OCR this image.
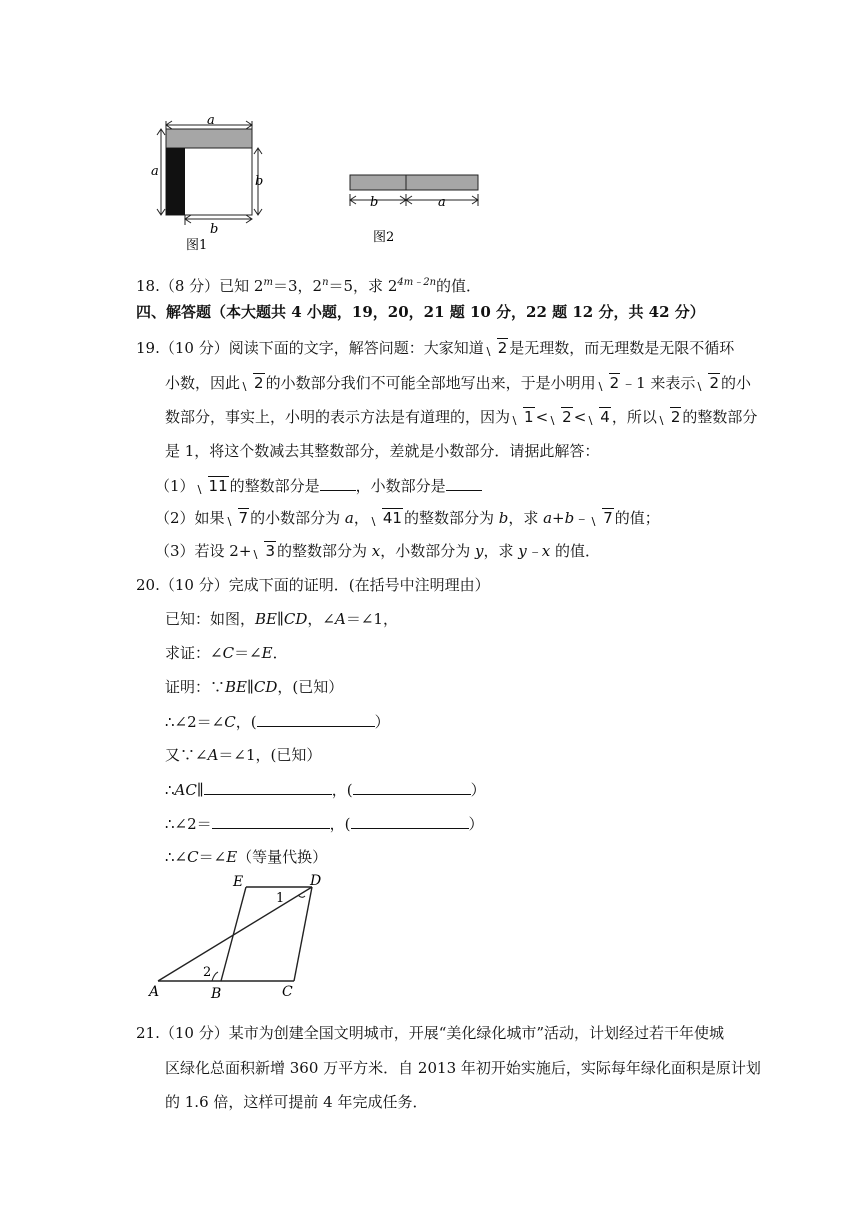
a
a
b
b
图1
b	a
图2
18.（8 分）已知 $2^m=3$，$2^n=5$，求 $2^{4m﹣2n}$的值．
四、解答题（本大题共 4 小题，19，20，21 题 10 分，22 题 12 分，共 42 分）
19.（10 分）阅读下面的文字，解答问题：大家知道 2 是无理数，而无理数是无限不循环
小数，因此 2 的小数部分我们不可能全部地写出来，于是小明用 2 ﹣1 来表示 2 的小
数部分，事实上，小明的表示方法是有道理的，因为 1 < 2 < 4 ，所以 2 的整数部分
是 1，将这个数减去其整数部分，差就是小数部分．请据此解答：
（1） 11 的整数部分是 ，小数部分是
（2）如果 7 的小数部分为 a， 41 的整数部分为 b，求 a+b﹣ 7 的值；
（3）若设 2+ 3 的整数部分为 x，小数部分为 y，求 y﹣x 的值．
20.（10 分）完成下面的证明．(在括号中注明理由）
已知：如图，BE∥CD，∠A＝∠1，
求证：∠C＝∠E．
证明：∵BE∥CD，(已知）
∴∠2＝∠C，(	）
又∵∠A＝∠1，(已知）
∴AC∥	，(	）
∴∠2＝	，(	）
∴∠C＝∠E（等量代换）
E	D
A	B	C
1
2
21.（10 分）某市为创建全国文明城市，开展“美化绿化城市”活动，计划经过若干年使城
区绿化总面积新增 360 万平方米．自 2013 年初开始实施后，实际每年绿化面积是原计划
的 1.6 倍，这样可提前 4 年完成任务．
